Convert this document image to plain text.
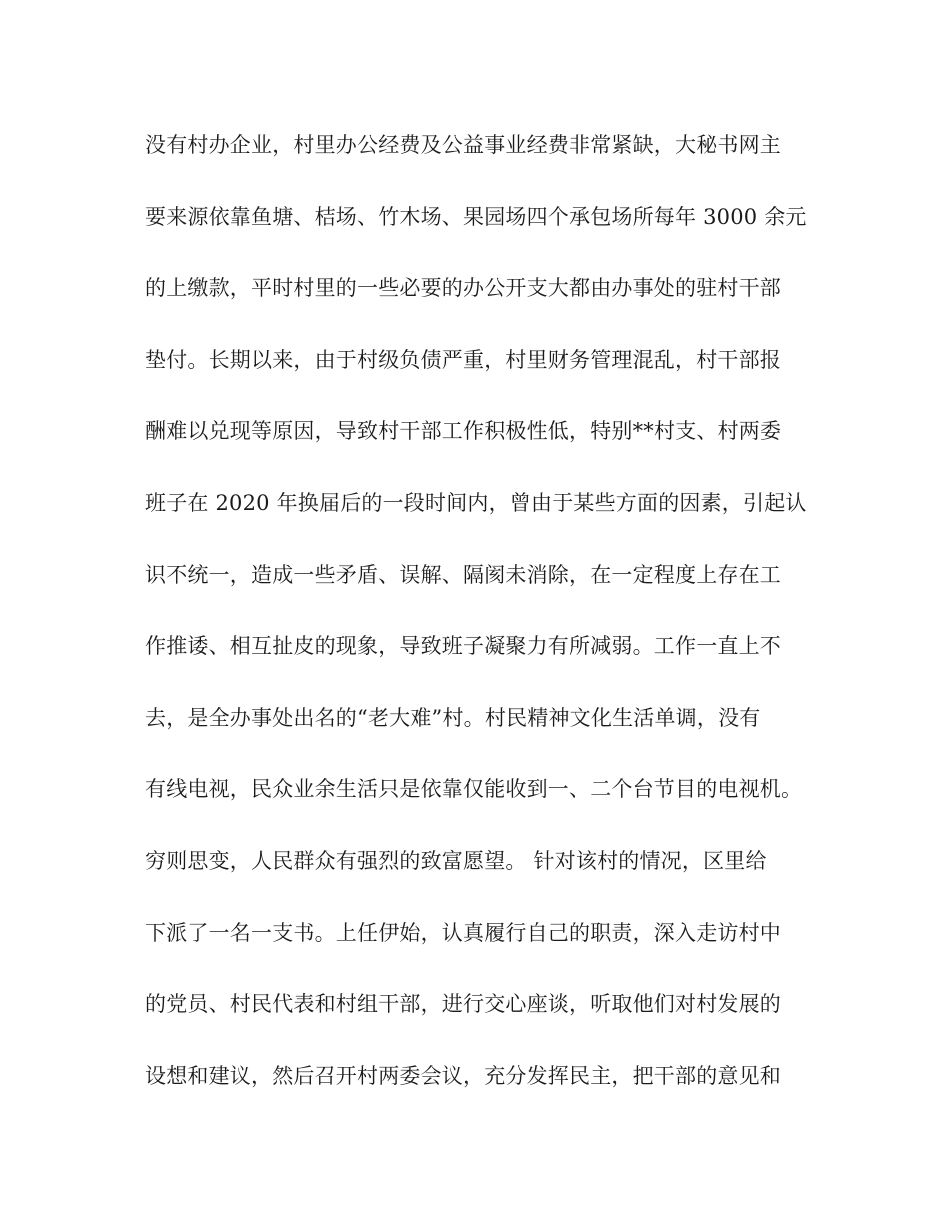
没有村办企业，村里办公经费及公益事业经费非常紧缺，大秘书网主
要来源依靠鱼塘、桔场、竹木场、果园场四个承包场所每年 3000 余元
的上缴款，平时村里的一些必要的办公开支大都由办事处的驻村干部
垫付。长期以来，由于村级负债严重，村里财务管理混乱，村干部报
酬难以兑现等原因，导致村干部工作积极性低，特别**村支、村两委
班子在 2020 年换届后的一段时间内，曾由于某些方面的因素，引起认
识不统一，造成一些矛盾、误解、隔阂未消除，在一定程度上存在工
作推诿、相互扯皮的现象，导致班子凝聚力有所减弱。工作一直上不
去，是全办事处出名的“老大难”村。村民精神文化生活单调，没有
有线电视，民众业余生活只是依靠仅能收到一、二个台节目的电视机。
穷则思变，人民群众有强烈的致富愿望。 针对该村的情况，区里给
下派了一名一支书。上任伊始，认真履行自己的职责，深入走访村中
的党员、村民代表和村组干部，进行交心座谈，听取他们对村发展的
设想和建议，然后召开村两委会议，充分发挥民主，把干部的意见和
